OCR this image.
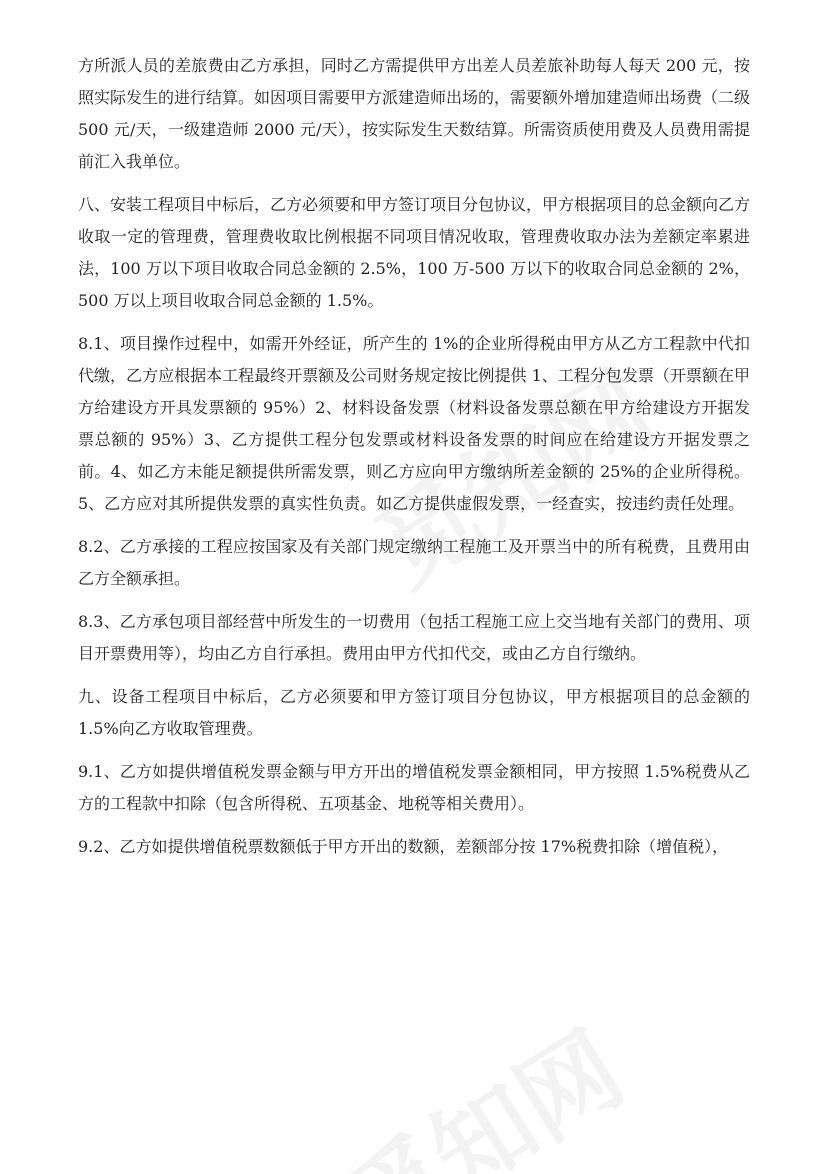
方所派人员的差旅费由乙方承担，同时乙方需提供甲方出差人员差旅补助每人每天 200 元，按照实际发生的进行结算。如因项目需要甲方派建造师出场的，需要额外增加建造师出场费（二级 500 元/天，一级建造师 2000 元/天），按实际发生天数结算。所需资质使用费及人员费用需提前汇入我单位。

八、安装工程项目中标后，乙方必须要和甲方签订项目分包协议，甲方根据项目的总金额向乙方收取一定的管理费，管理费收取比例根据不同项目情况收取，管理费收取办法为差额定率累进法，100 万以下项目收取合同总金额的 2.5%，100 万-500 万以下的收取合同总金额的 2%，500 万以上项目收取合同总金额的 1.5%。

8.1、项目操作过程中，如需开外经证，所产生的 1%的企业所得税由甲方从乙方工程款中代扣代缴，乙方应根据本工程最终开票额及公司财务规定按比例提供 1、工程分包发票（开票额在甲方给建设方开具发票额的 95%）2、材料设备发票（材料设备发票总额在甲方给建设方开据发票总额的 95%）3、乙方提供工程分包发票或材料设备发票的时间应在给建设方开据发票之前。4、如乙方未能足额提供所需发票，则乙方应向甲方缴纳所差金额的 25%的企业所得税。5、乙方应对其所提供发票的真实性负责。如乙方提供虚假发票，一经查实，按违约责任处理。

8.2、乙方承接的工程应按国家及有关部门规定缴纳工程施工及开票当中的所有税费，且费用由乙方全额承担。

8.3、乙方承包项目部经营中所发生的一切费用（包括工程施工应上交当地有关部门的费用、项目开票费用等），均由乙方自行承担。费用由甲方代扣代交，或由乙方自行缴纳。

九、设备工程项目中标后，乙方必须要和甲方签订项目分包协议，甲方根据项目的总金额的 1.5%向乙方收取管理费。

9.1、乙方如提供增值税发票金额与甲方开出的增值税发票金额相同，甲方按照 1.5%税费从乙方的工程款中扣除（包含所得税、五项基金、地税等相关费用）。

9.2、乙方如提供增值税票数额低于甲方开出的数额，差额部分按 17%税费扣除（增值税），
